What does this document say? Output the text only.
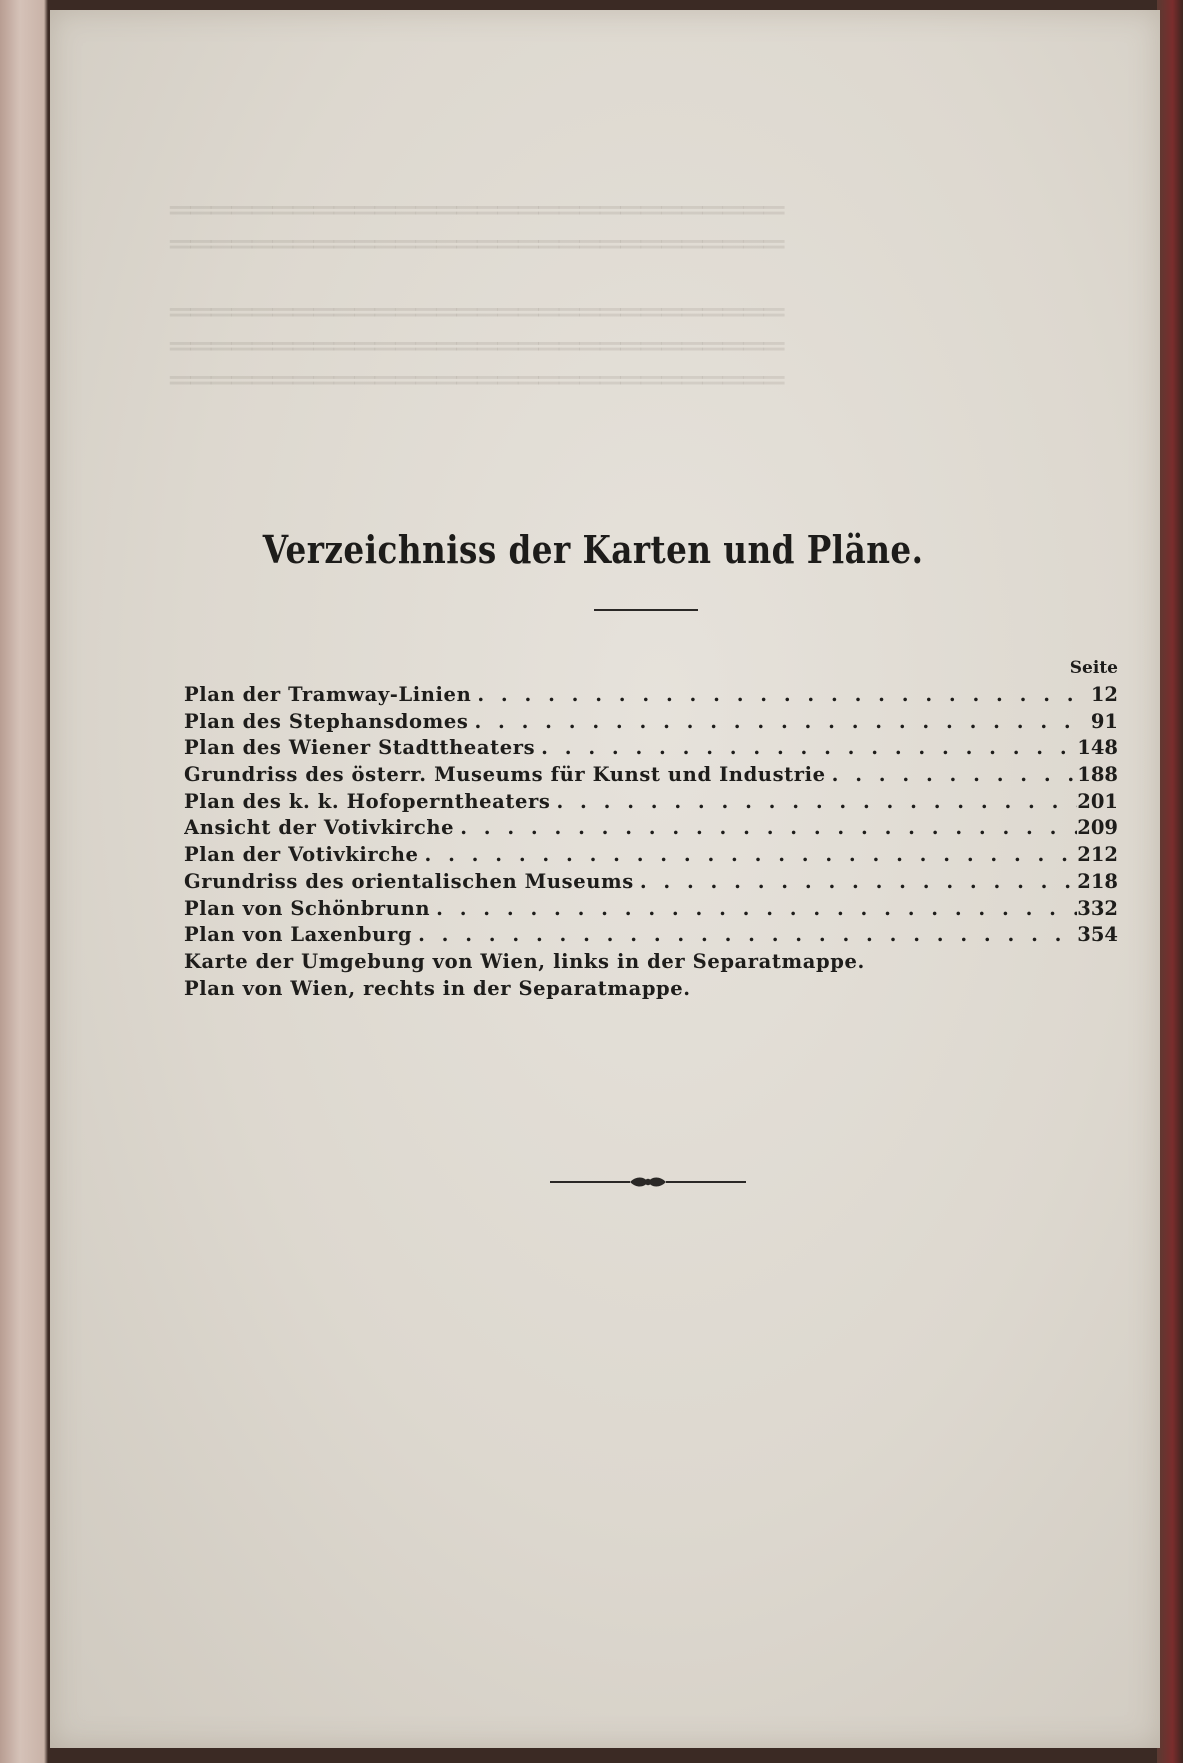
══════════════════════════════
══════════════════════════════

══════════════════════════════
══════════════════════════════
══════════════════════════════

Verzeichniss der Karten und Pläne.
Seite
Plan der Tramway-Linien . . .	12
Plan des Stephansdomes . . .	91
Plan des Wiener Stadttheaters . . .	148
Grundriss des österr. Museums für Kunst und Industrie . . .	188
Plan des k. k. Hofoperntheaters . . .	201
Ansicht der Votivkirche . . .	209
Plan der Votivkirche . . .	212
Grundriss des orientalischen Museums . . .	218
Plan von Schönbrunn . . .	332
Plan von Laxenburg . . .	354
Karte der Umgebung von Wien, links in der Separatmappe.
Plan von Wien, rechts in der Separatmappe.
